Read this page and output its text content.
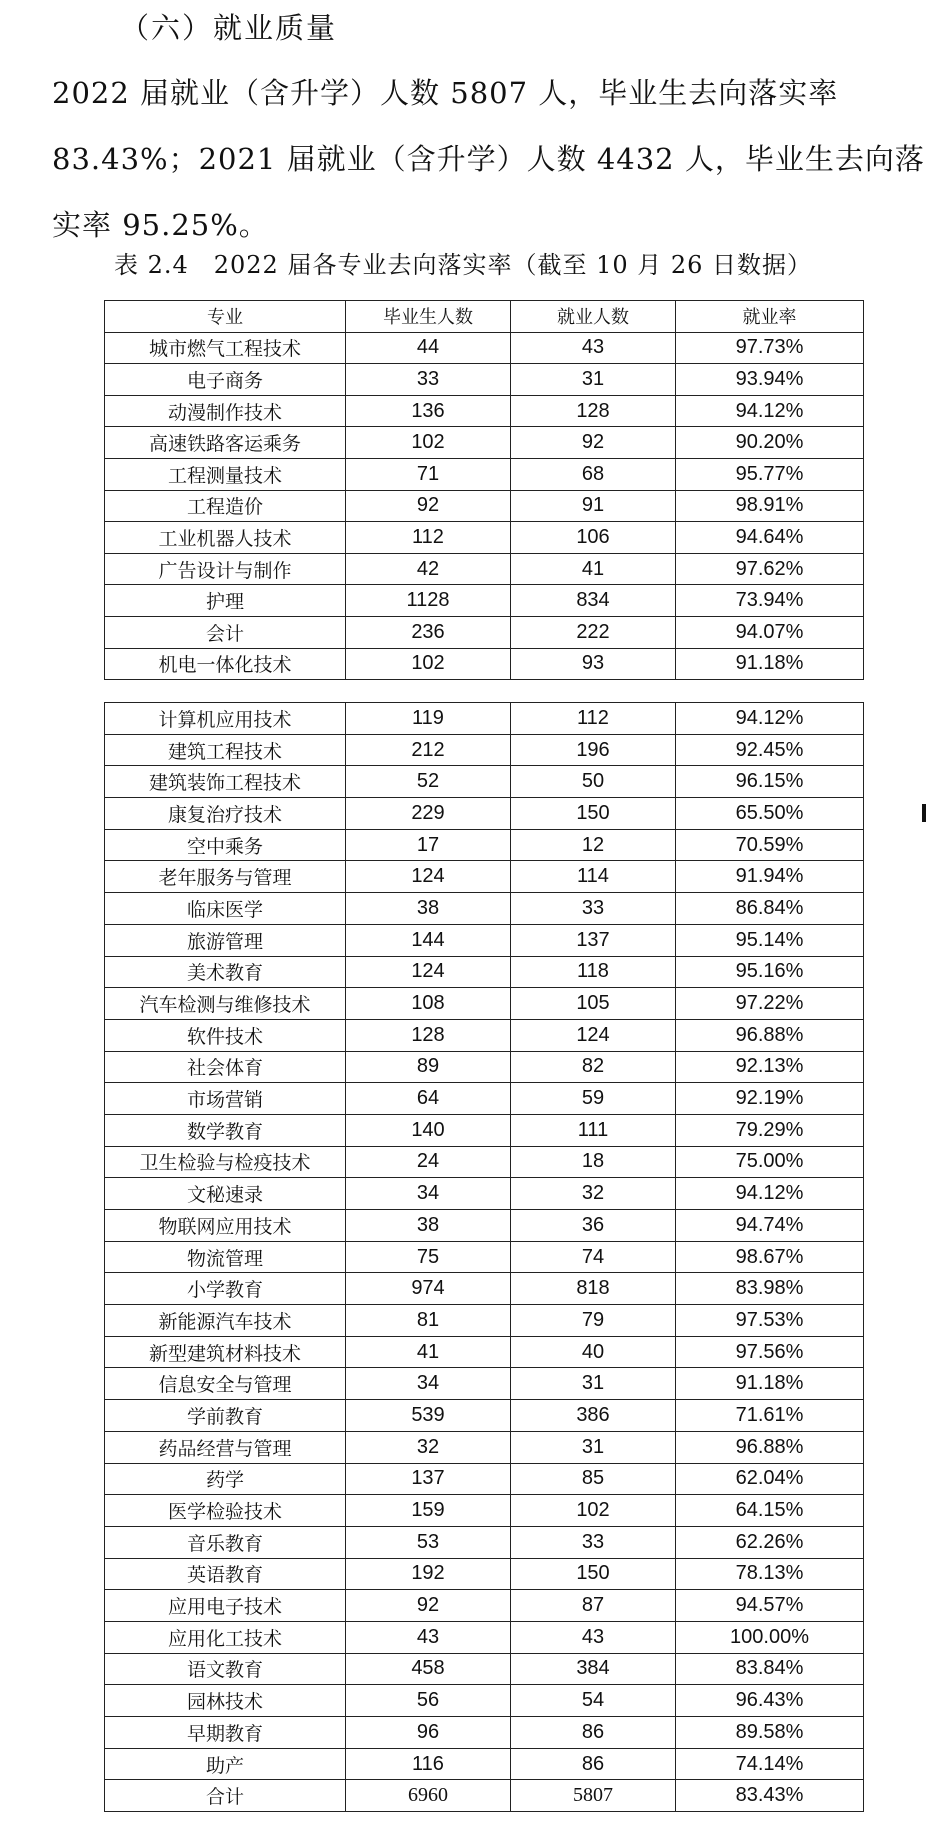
（六）就业质量
2022 届就业（含升学）人数 5807 人，毕业生去向落实率
83.43%；2021 届就业（含升学）人数 4432 人，毕业生去向落
实率 95.25%。
表 2.4　2022 届各专业去向落实率（截至 10 月 26 日数据）
专业	毕业生人数	就业人数	就业率
城市燃气工程技术	44	43	97.73%
电子商务	33	31	93.94%
动漫制作技术	136	128	94.12%
高速铁路客运乘务	102	92	90.20%
工程测量技术	71	68	95.77%
工程造价	92	91	98.91%
工业机器人技术	112	106	94.64%
广告设计与制作	42	41	97.62%
护理	1128	834	73.94%
会计	236	222	94.07%
机电一体化技术	102	93	91.18%
计算机应用技术	119	112	94.12%
建筑工程技术	212	196	92.45%
建筑装饰工程技术	52	50	96.15%
康复治疗技术	229	150	65.50%
空中乘务	17	12	70.59%
老年服务与管理	124	114	91.94%
临床医学	38	33	86.84%
旅游管理	144	137	95.14%
美术教育	124	118	95.16%
汽车检测与维修技术	108	105	97.22%
软件技术	128	124	96.88%
社会体育	89	82	92.13%
市场营销	64	59	92.19%
数学教育	140	111	79.29%
卫生检验与检疫技术	24	18	75.00%
文秘速录	34	32	94.12%
物联网应用技术	38	36	94.74%
物流管理	75	74	98.67%
小学教育	974	818	83.98%
新能源汽车技术	81	79	97.53%
新型建筑材料技术	41	40	97.56%
信息安全与管理	34	31	91.18%
学前教育	539	386	71.61%
药品经营与管理	32	31	96.88%
药学	137	85	62.04%
医学检验技术	159	102	64.15%
音乐教育	53	33	62.26%
英语教育	192	150	78.13%
应用电子技术	92	87	94.57%
应用化工技术	43	43	100.00%
语文教育	458	384	83.84%
园林技术	56	54	96.43%
早期教育	96	86	89.58%
助产	116	86	74.14%
合计	6960	5807	83.43%
